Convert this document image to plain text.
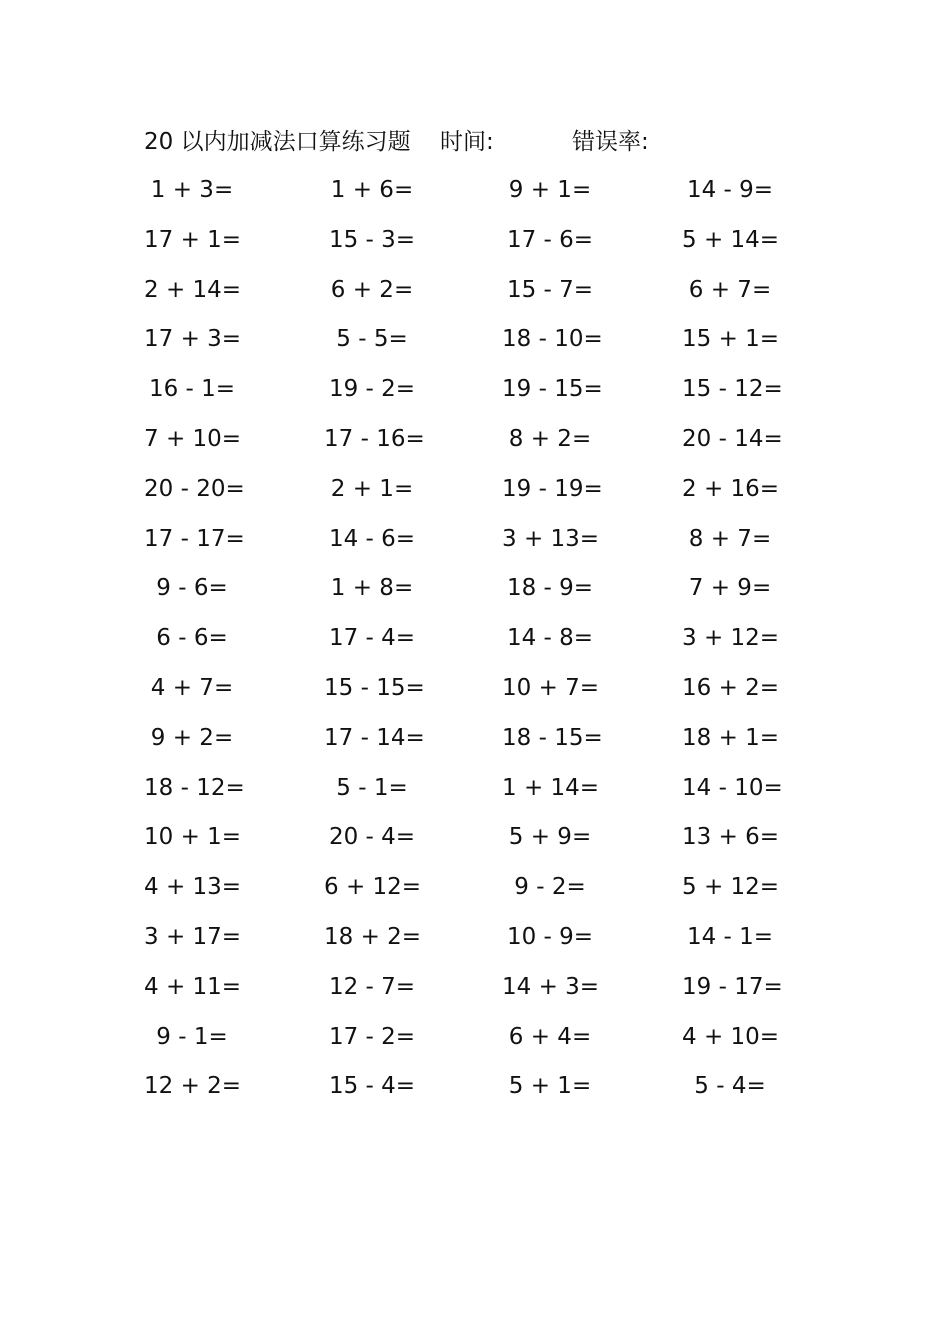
20 以内加减法口算练习题 时间:	错误率:
1 + 3=	1 + 6=	9 + 1=	14 - 9=
17 + 1=	15 - 3=	17 - 6=	5 + 14=
2 + 14=	6 + 2=	15 - 7=	6 + 7=
17 + 3=	5 - 5=	18 - 10=	15 + 1=
16 - 1=	19 - 2=	19 - 15=	15 - 12=
7 + 10=	17 - 16=	8 + 2=	20 - 14=
20 - 20=	2 + 1=	19 - 19=	2 + 16=
17 - 17=	14 - 6=	3 + 13=	8 + 7=
9 - 6=	1 + 8=	18 - 9=	7 + 9=
6 - 6=	17 - 4=	14 - 8=	3 + 12=
4 + 7=	15 - 15=	10 + 7=	16 + 2=
9 + 2=	17 - 14=	18 - 15=	18 + 1=
18 - 12=	5 - 1=	1 + 14=	14 - 10=
10 + 1=	20 - 4=	5 + 9=	13 + 6=
4 + 13=	6 + 12=	9 - 2=	5 + 12=
3 + 17=	18 + 2=	10 - 9=	14 - 1=
4 + 11=	12 - 7=	14 + 3=	19 - 17=
9 - 1=	17 - 2=	6 + 4=	4 + 10=
12 + 2=	15 - 4=	5 + 1=	5 - 4=
